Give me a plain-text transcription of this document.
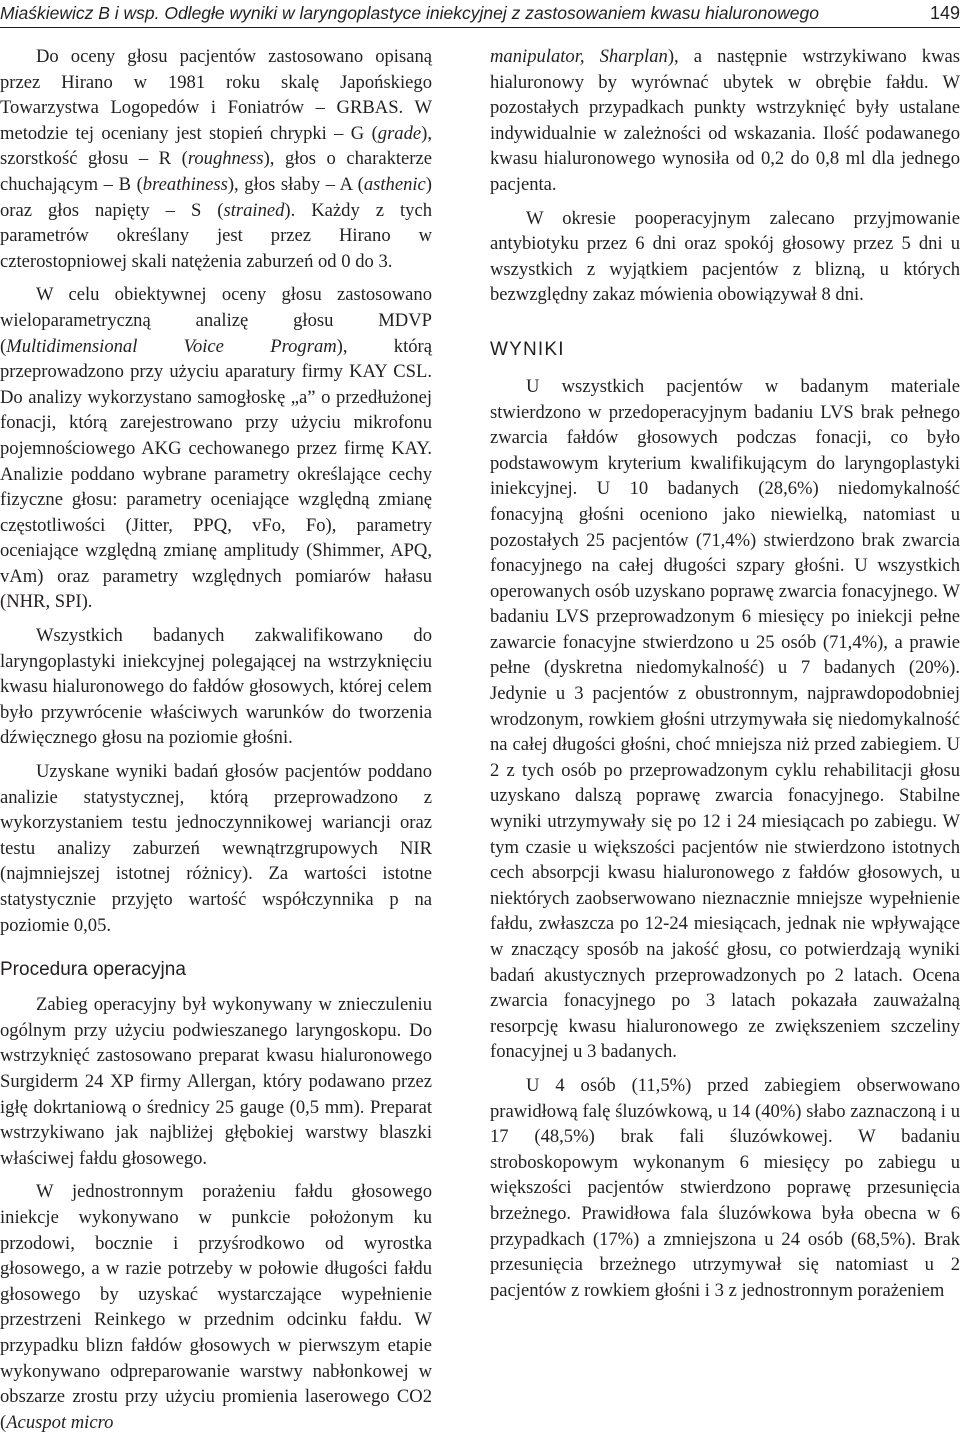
Miaśkiewicz B i wsp. Odległe wyniki w laryngoplastyce iniekcyjnej z zastosowaniem kwasu hialuronowego	149

Do oceny głosu pacjentów zastosowano opisaną przez Hirano w 1981 roku skalę Japońskiego Towarzystwa Logopedów i Foniatrów – GRBAS. W metodzie tej oceniany jest stopień chrypki – G (grade), szorstkość głosu – R (roughness), głos o charakterze chuchającym – B (breathiness), głos słaby – A (asthenic) oraz głos napięty – S (strained). Każdy z tych parametrów określany jest przez Hirano w czterostopniowej skali natężenia zaburzeń od 0 do 3.

W celu obiektywnej oceny głosu zastosowano wieloparametryczną analizę głosu MDVP (Multidimensional Voice Program), którą przeprowadzono przy użyciu aparatury firmy KAY CSL. Do analizy wykorzystano samogłoskę „a” o przedłużonej fonacji, którą zarejestrowano przy użyciu mikrofonu pojemnościowego AKG cechowanego przez firmę KAY. Analizie poddano wybrane parametry określające cechy fizyczne głosu: parametry oceniające względną zmianę częstotliwości (Jitter, PPQ, vFo, Fo), parametry oceniające względną zmianę amplitudy (Shimmer, APQ, vAm) oraz parametry względnych pomiarów hałasu (NHR, SPI).

Wszystkich badanych zakwalifikowano do laryngoplastyki iniekcyjnej polegającej na wstrzyknięciu kwasu hialuronowego do fałdów głosowych, której celem było przywrócenie właściwych warunków do tworzenia dźwięcznego głosu na poziomie głośni.

Uzyskane wyniki badań głosów pacjentów poddano analizie statystycznej, którą przeprowadzono z wykorzystaniem testu jednoczynnikowej wariancji oraz testu analizy zaburzeń wewnątrzgrupowych NIR (najmniejszej istotnej różnicy). Za wartości istotne statystycznie przyjęto wartość współczynnika p na poziomie 0,05.

Procedura operacyjna

Zabieg operacyjny był wykonywany w znieczuleniu ogólnym przy użyciu podwieszanego laryngoskopu. Do wstrzyknięć zastosowano preparat kwasu hialuronowego Surgiderm 24 XP firmy Allergan, który podawano przez igłę dokrtaniową o średnicy 25 gauge (0,5 mm). Preparat wstrzykiwano jak najbliżej głębokiej warstwy blaszki właściwej fałdu głosowego.

W jednostronnym porażeniu fałdu głosowego iniekcje wykonywano w punkcie położonym ku przodowi, bocznie i przyśrodkowo od wyrostka głosowego, a w razie potrzeby w połowie długości fałdu głosowego by uzyskać wystarczające wypełnienie przestrzeni Reinkego w przednim odcinku fałdu. W przypadku blizn fałdów głosowych w pierwszym etapie wykonywano odpreparowanie warstwy nabłonkowej w obszarze zrostu przy użyciu promienia laserowego CO2 (Acuspot micro

manipulator, Sharplan), a następnie wstrzykiwano kwas hialuronowy by wyrównać ubytek w obrębie fałdu. W pozostałych przypadkach punkty wstrzyknięć były ustalane indywidualnie w zależności od wskazania. Ilość podawanego kwasu hialuronowego wynosiła od 0,2 do 0,8 ml dla jednego pacjenta.

W okresie pooperacyjnym zalecano przyjmowanie antybiotyku przez 6 dni oraz spokój głosowy przez 5 dni u wszystkich z wyjątkiem pacjentów z blizną, u których bezwzględny zakaz mówienia obowiązywał 8 dni.

WYNIKI

U wszystkich pacjentów w badanym materiale stwierdzono w przedoperacyjnym badaniu LVS brak pełnego zwarcia fałdów głosowych podczas fonacji, co było podstawowym kryterium kwalifikującym do laryngoplastyki iniekcyjnej. U 10 badanych (28,6%) niedomykalność fonacyjną głośni oceniono jako niewielką, natomiast u pozostałych 25 pacjentów (71,4%) stwierdzono brak zwarcia fonacyjnego na całej długości szpary głośni. U wszystkich operowanych osób uzyskano poprawę zwarcia fonacyjnego. W badaniu LVS przeprowadzonym 6 miesięcy po iniekcji pełne zawarcie fonacyjne stwierdzono u 25 osób (71,4%), a prawie pełne (dyskretna niedomykalność) u 7 badanych (20%). Jedynie u 3 pacjentów z obustronnym, najprawdopodobniej wrodzonym, rowkiem głośni utrzymywała się niedomykalność na całej długości głośni, choć mniejsza niż przed zabiegiem. U 2 z tych osób po przeprowadzonym cyklu rehabilitacji głosu uzyskano dalszą poprawę zwarcia fonacyjnego. Stabilne wyniki utrzymywały się po 12 i 24 miesiącach po zabiegu. W tym czasie u większości pacjentów nie stwierdzono istotnych cech absorpcji kwasu hialuronowego z fałdów głosowych, u niektórych zaobserwowano nieznacznie mniejsze wypełnienie fałdu, zwłaszcza po 12-24 miesiącach, jednak nie wpływające w znaczący sposób na jakość głosu, co potwierdzają wyniki badań akustycznych przeprowadzonych po 2 latach. Ocena zwarcia fonacyjnego po 3 latach pokazała zauważalną resorpcję kwasu hialuronowego ze zwiększeniem szczeliny fonacyjnej u 3 badanych.

U 4 osób (11,5%) przed zabiegiem obserwowano prawidłową falę śluzówkową, u 14 (40%) słabo zaznaczoną i u 17 (48,5%) brak fali śluzówkowej. W badaniu stroboskopowym wykonanym 6 miesięcy po zabiegu u większości pacjentów stwierdzono poprawę przesunięcia brzeżnego. Prawidłowa fala śluzówkowa była obecna w 6 przypadkach (17%) a zmniejszona u 24 osób (68,5%). Brak przesunięcia brzeżnego utrzymywał się natomiast u 2 pacjentów z rowkiem głośni i 3 z jednostronnym porażeniem
